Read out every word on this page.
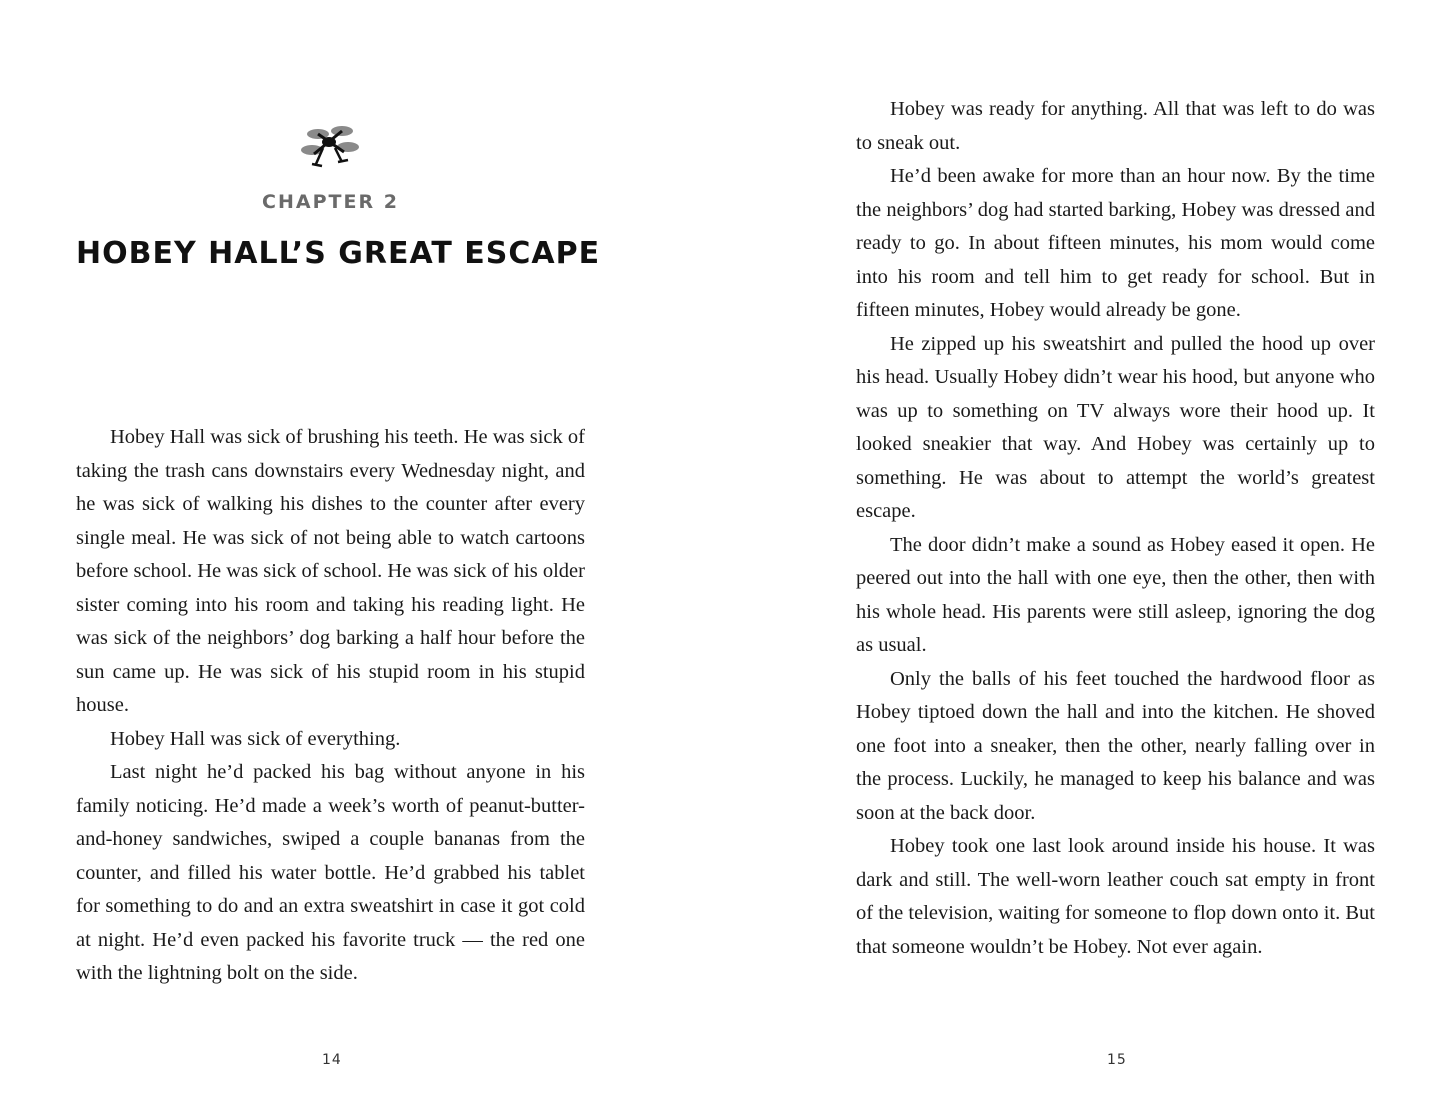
CHAPTER 2
HOBEY HALL’S GREAT ESCAPE

Hobey Hall was sick of brushing his teeth. He was sick of taking the trash cans downstairs every Wednesday night, and he was sick of walking his dishes to the counter after every single meal. He was sick of not being able to watch cartoons before school. He was sick of school. He was sick of his older sister coming into his room and taking his reading light. He was sick of the neighbors’ dog barking a half hour before the sun came up. He was sick of his stupid room in his stupid house.

Hobey Hall was sick of everything.

Last night he’d packed his bag without anyone in his family noticing. He’d made a week’s worth of peanut-butter-and-honey sandwiches, swiped a couple bananas from the counter, and filled his water bottle. He’d grabbed his tablet for something to do and an extra sweatshirt in case it got cold at night. He’d even packed his favorite truck — the red one with the lightning bolt on the side.

14

Hobey was ready for anything. All that was left to do was to sneak out.

He’d been awake for more than an hour now. By the time the neighbors’ dog had started barking, Hobey was dressed and ready to go. In about fifteen minutes, his mom would come into his room and tell him to get ready for school. But in fifteen minutes, Hobey would already be gone.

He zipped up his sweatshirt and pulled the hood up over his head. Usually Hobey didn’t wear his hood, but anyone who was up to something on TV always wore their hood up. It looked sneakier that way. And Hobey was certainly up to something. He was about to attempt the world’s greatest escape.

The door didn’t make a sound as Hobey eased it open. He peered out into the hall with one eye, then the other, then with his whole head. His parents were still asleep, ignoring the dog as usual.

Only the balls of his feet touched the hardwood floor as Hobey tiptoed down the hall and into the kitchen. He shoved one foot into a sneaker, then the other, nearly falling over in the process. Luckily, he managed to keep his balance and was soon at the back door.

Hobey took one last look around inside his house. It was dark and still. The well-worn leather couch sat empty in front of the television, waiting for someone to flop down onto it. But that someone wouldn’t be Hobey. Not ever again.

15
